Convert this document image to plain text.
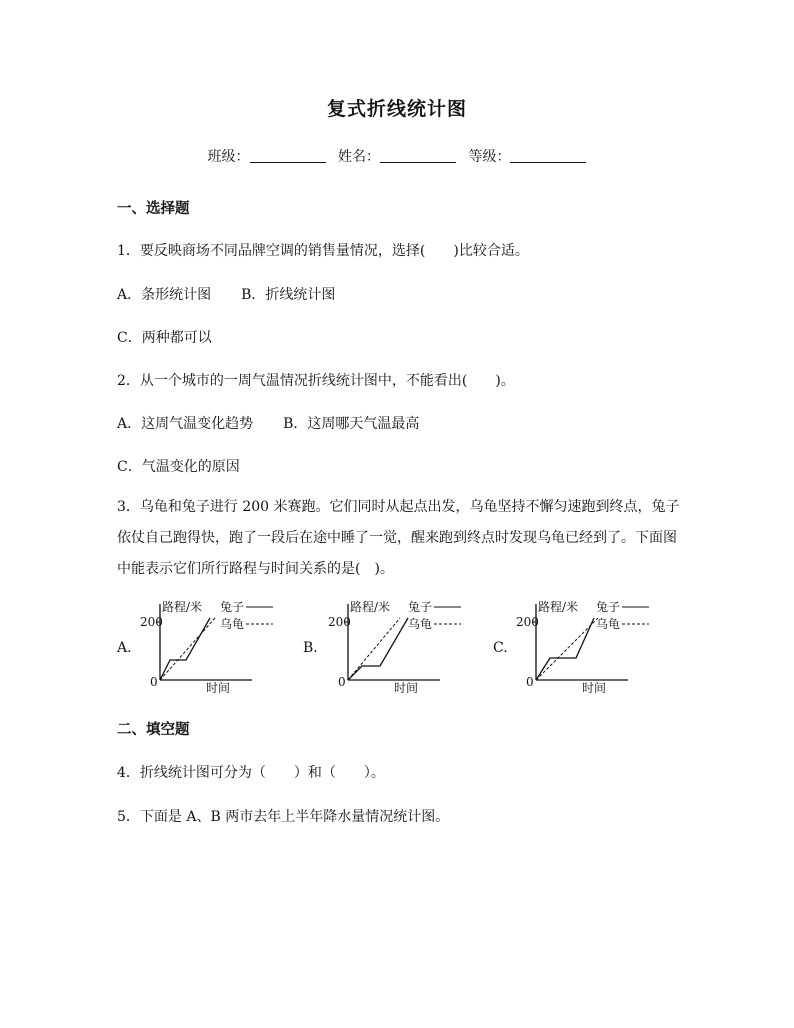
复式折线统计图
班级：	姓名：	等级：
一、选择题
1．要反映商场不同品牌空调的销售量情况，选择(　　)比较合适。
A．条形统计图 B．折线统计图
C．两种都可以
2．从一个城市的一周气温情况折线统计图中，不能看出(　　)。
A．这周气温变化趋势 B．这周哪天气温最高
C．气温变化的原因
3．乌龟和兔子进行 200 米赛跑。它们同时从起点出发，乌龟坚持不懈匀速跑到终点，兔子依仗自己跑得快，跑了一段后在途中睡了一觉，醒来跑到终点时发现乌龟已经到了。下面图中能表示它们所行路程与时间关系的是(　)。
A.	B.	C.
200
0
路程/米
时间
兔子
乌龟	200
0
路程/米
时间
兔子
乌龟	200
0
路程/米
时间
兔子
乌龟
二、填空题
4．折线统计图可分为（　　）和（　　）。
5．下面是 A、B 两市去年上半年降水量情况统计图。
